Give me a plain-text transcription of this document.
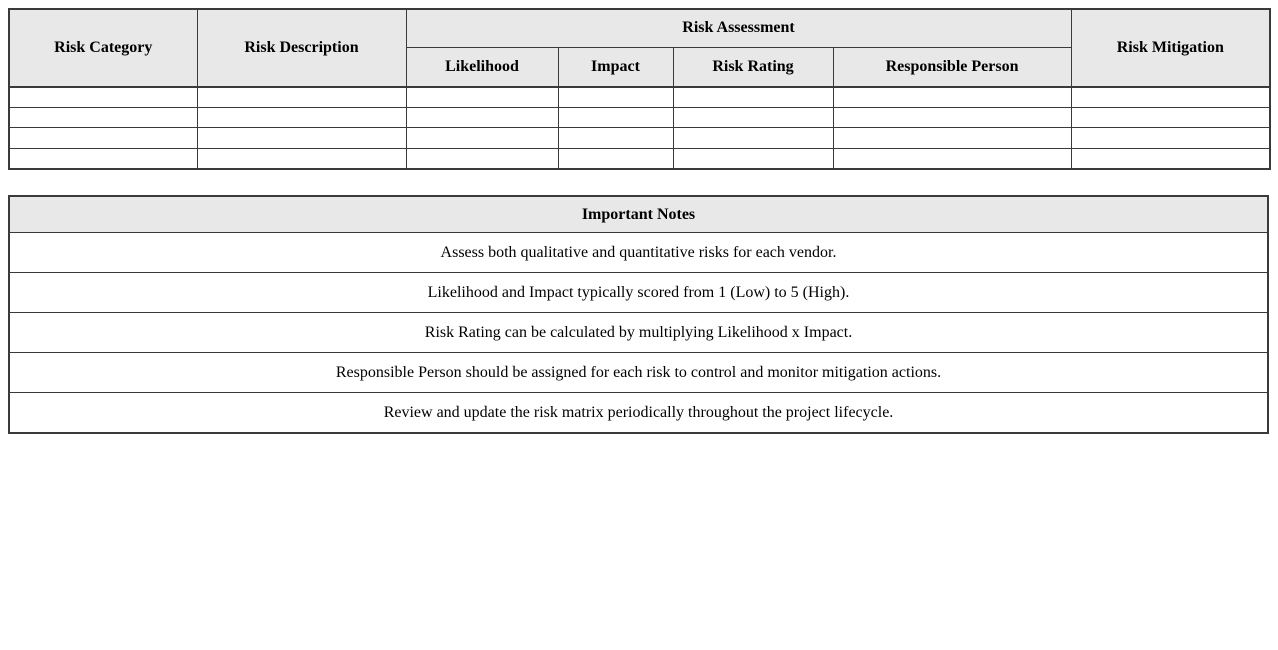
Risk Category	Risk Description	Risk Assessment				Risk Mitigation
		Likelihood	Impact	Risk Rating	Responsible Person	

Important Notes
Assess both qualitative and quantitative risks for each vendor.
Likelihood and Impact typically scored from 1 (Low) to 5 (High).
Risk Rating can be calculated by multiplying Likelihood x Impact.
Responsible Person should be assigned for each risk to control and monitor mitigation actions.
Review and update the risk matrix periodically throughout the project lifecycle.
